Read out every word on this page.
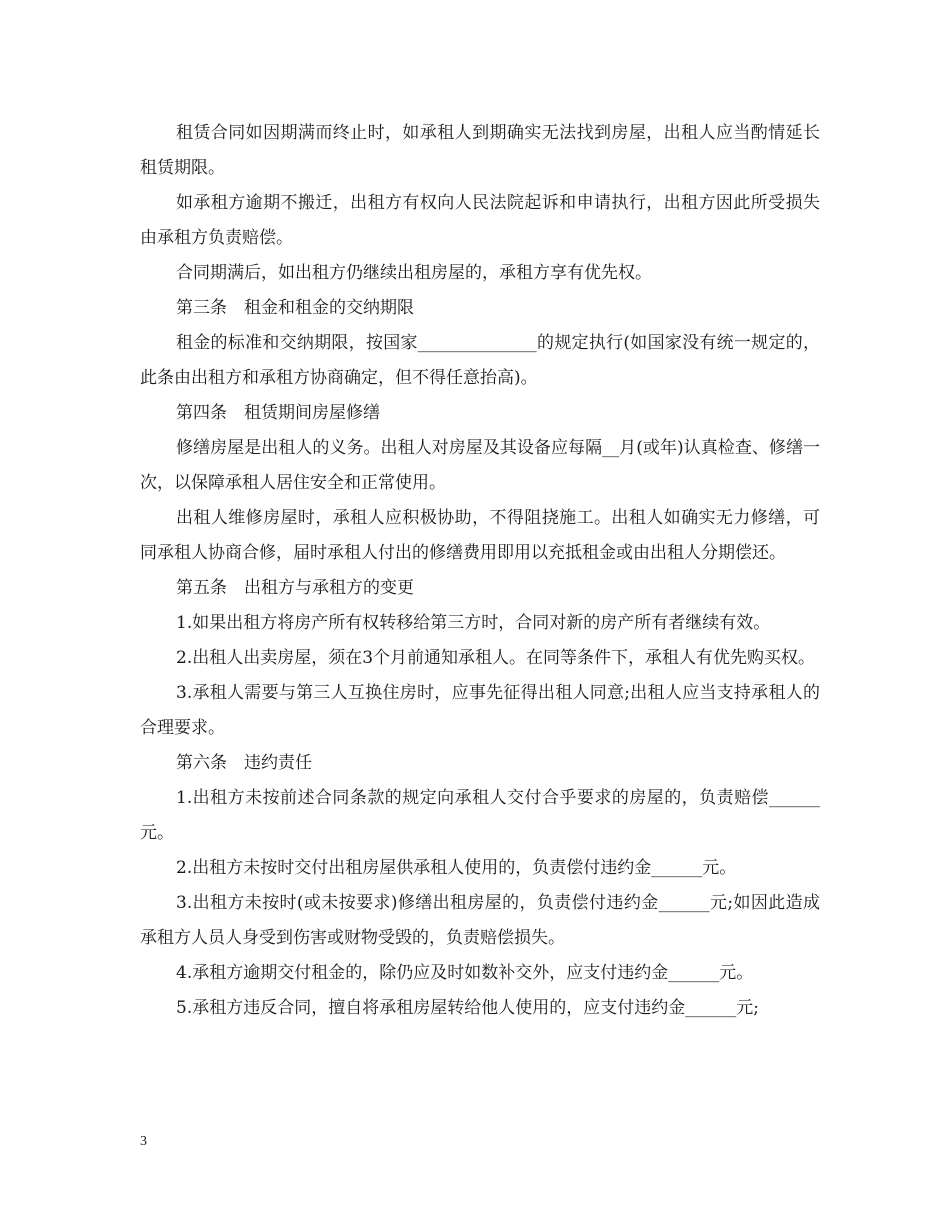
租赁合同如因期满而终止时，如承租人到期确实无法找到房屋，出租人应当酌情延长租赁期限。

如承租方逾期不搬迁，出租方有权向人民法院起诉和申请执行，出租方因此所受损失由承租方负责赔偿。

合同期满后，如出租方仍继续出租房屋的，承租方享有优先权。

第三条　租金和租金的交纳期限

租金的标准和交纳期限，按国家______________的规定执行(如国家没有统一规定的，此条由出租方和承租方协商确定，但不得任意抬高)。

第四条　租赁期间房屋修缮

修缮房屋是出租人的义务。出租人对房屋及其设备应每隔__月(或年)认真检查、修缮一次，以保障承租人居住安全和正常使用。

出租人维修房屋时，承租人应积极协助，不得阻挠施工。出租人如确实无力修缮，可同承租人协商合修，届时承租人付出的修缮费用即用以充抵租金或由出租人分期偿还。

第五条　出租方与承租方的变更

1.如果出租方将房产所有权转移给第三方时，合同对新的房产所有者继续有效。

2.出租人出卖房屋，须在3个月前通知承租人。在同等条件下，承租人有优先购买权。

3.承租人需要与第三人互换住房时，应事先征得出租人同意;出租人应当支持承租人的合理要求。

第六条　违约责任

1.出租方未按前述合同条款的规定向承租人交付合乎要求的房屋的，负责赔偿______元。

2.出租方未按时交付出租房屋供承租人使用的，负责偿付违约金______元。

3.出租方未按时(或未按要求)修缮出租房屋的，负责偿付违约金______元;如因此造成承租方人员人身受到伤害或财物受毁的，负责赔偿损失。

4.承租方逾期交付租金的，除仍应及时如数补交外，应支付违约金______元。

5.承租方违反合同，擅自将承租房屋转给他人使用的，应支付违约金______元;

3
